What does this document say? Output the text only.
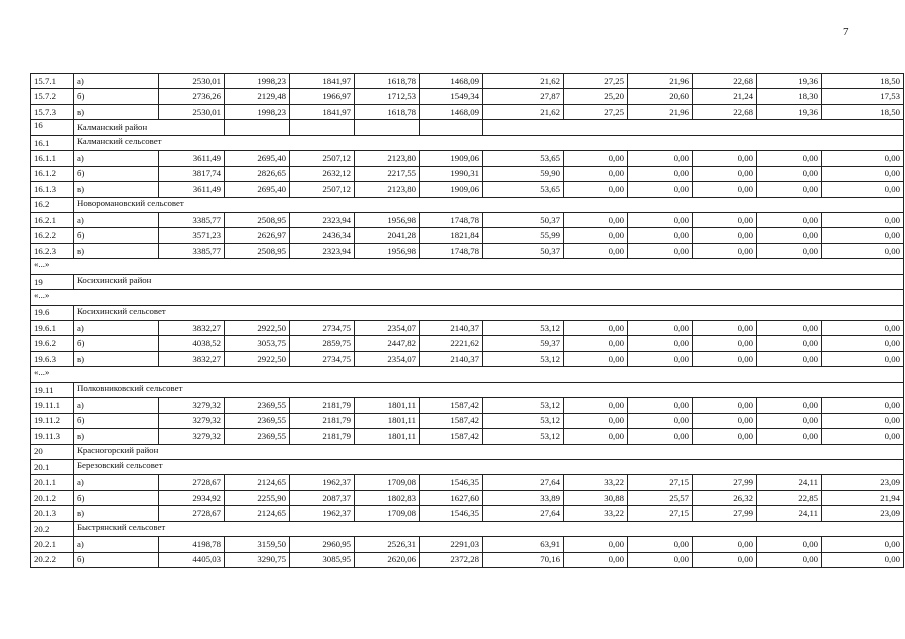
7
15.7.1	а)	2530,01	1998,23	1841,97	1618,78	1468,09	21,62	27,25	21,96	22,68	19,36	18,50
15.7.2	б)	2736,26	2129,48	1966,97	1712,53	1549,34	27,87	25,20	20,60	21,24	18,30	17,53
15.7.3	в)	2530,01	1998,23	1841,97	1618,78	1468,09	21,62	27,25	21,96	22,68	19,36	18,50
16	Калманский район											
16.1	Калманский сельсовет											
16.1.1	а)	3611,49	2695,40	2507,12	2123,80	1909,06	53,65	0,00	0,00	0,00	0,00	0,00
16.1.2	б)	3817,74	2826,65	2632,12	2217,55	1990,31	59,90	0,00	0,00	0,00	0,00	0,00
16.1.3	в)	3611,49	2695,40	2507,12	2123,80	1909,06	53,65	0,00	0,00	0,00	0,00	0,00
16.2	Новоромановский сельсовет											
16.2.1	а)	3385,77	2508,95	2323,94	1956,98	1748,78	50,37	0,00	0,00	0,00	0,00	0,00
16.2.2	б)	3571,23	2626,97	2436,34	2041,28	1821,84	55,99	0,00	0,00	0,00	0,00	0,00
16.2.3	в)	3385,77	2508,95	2323,94	1956,98	1748,78	50,37	0,00	0,00	0,00	0,00	0,00
«...»												
19	Косихинский район											
«...»												
19.6	Косихинский сельсовет											
19.6.1	а)	3832,27	2922,50	2734,75	2354,07	2140,37	53,12	0,00	0,00	0,00	0,00	0,00
19.6.2	б)	4038,52	3053,75	2859,75	2447,82	2221,62	59,37	0,00	0,00	0,00	0,00	0,00
19.6.3	в)	3832,27	2922,50	2734,75	2354,07	2140,37	53,12	0,00	0,00	0,00	0,00	0,00
«...»												
19.11	Полковниковский сельсовет											
19.11.1	а)	3279,32	2369,55	2181,79	1801,11	1587,42	53,12	0,00	0,00	0,00	0,00	0,00
19.11.2	б)	3279,32	2369,55	2181,79	1801,11	1587,42	53,12	0,00	0,00	0,00	0,00	0,00
19.11.3	в)	3279,32	2369,55	2181,79	1801,11	1587,42	53,12	0,00	0,00	0,00	0,00	0,00
20	Красногорский район											
20.1	Березовский сельсовет											
20.1.1	а)	2728,67	2124,65	1962,37	1709,08	1546,35	27,64	33,22	27,15	27,99	24,11	23,09
20.1.2	б)	2934,92	2255,90	2087,37	1802,83	1627,60	33,89	30,88	25,57	26,32	22,85	21,94
20.1.3	в)	2728,67	2124,65	1962,37	1709,08	1546,35	27,64	33,22	27,15	27,99	24,11	23,09
20.2	Быстрянский сельсовет											
20.2.1	а)	4198,78	3159,50	2960,95	2526,31	2291,03	63,91	0,00	0,00	0,00	0,00	0,00
20.2.2	б)	4405,03	3290,75	3085,95	2620,06	2372,28	70,16	0,00	0,00	0,00	0,00	0,00
